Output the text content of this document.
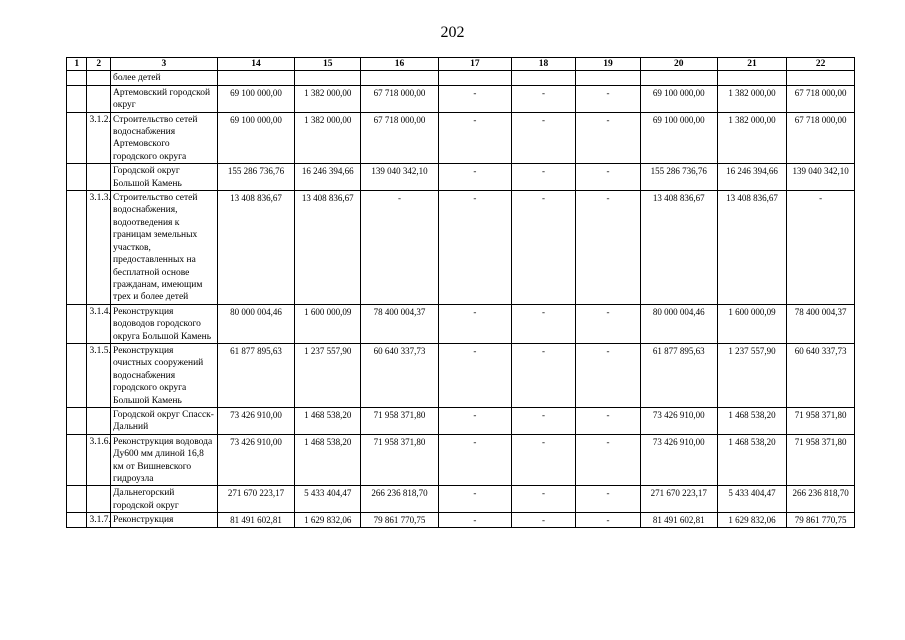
202
1	2	3	14	15	16	17	18	19	20	21	22
		более детей									
		Артемовский городской округ	69 100 000,00	1 382 000,00	67 718 000,00	-	-	-	69 100 000,00	1 382 000,00	67 718 000,00
	3.1.2.	Строительство сетей водоснабжения Артемовского городского округа	69 100 000,00	1 382 000,00	67 718 000,00	-	-	-	69 100 000,00	1 382 000,00	67 718 000,00
		Городской округ Большой Камень	155 286 736,76	16 246 394,66	139 040 342,10	-	-	-	155 286 736,76	16 246 394,66	139 040 342,10
	3.1.3.	Строительство сетей водоснабжения, водоотведения к границам земельных участков, предоставленных на бесплатной основе гражданам, имеющим трех и более детей	13 408 836,67	13 408 836,67	-	-	-	-	13 408 836,67	13 408 836,67	-
	3.1.4.	Реконструкция водоводов городского округа Большой Камень	80 000 004,46	1 600 000,09	78 400 004,37	-	-	-	80 000 004,46	1 600 000,09	78 400 004,37
	3.1.5.	Реконструкция очистных сооружений водоснабжения городского округа Большой Камень	61 877 895,63	1 237 557,90	60 640 337,73	-	-	-	61 877 895,63	1 237 557,90	60 640 337,73
		Городской округ Спасск-Дальний	73 426 910,00	1 468 538,20	71 958 371,80	-	-	-	73 426 910,00	1 468 538,20	71 958 371,80
	3.1.6.	Реконструкция водовода Ду600 мм длиной 16,8 км от Вишневского гидроузла	73 426 910,00	1 468 538,20	71 958 371,80	-	-	-	73 426 910,00	1 468 538,20	71 958 371,80
		Дальнегорский городской округ	271 670 223,17	5 433 404,47	266 236 818,70	-	-	-	271 670 223,17	5 433 404,47	266 236 818,70
	3.1.7.	Реконструкция	81 491 602,81	1 629 832,06	79 861 770,75	-	-	-	81 491 602,81	1 629 832,06	79 861 770,75
